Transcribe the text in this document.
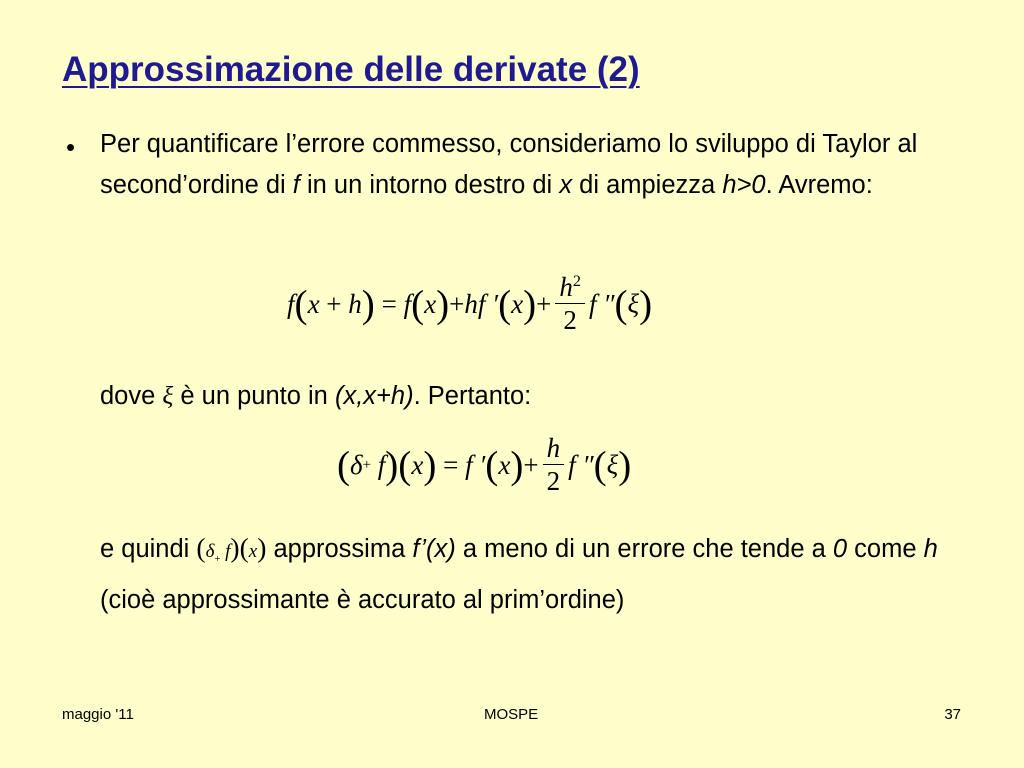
Approssimazione delle derivate (2)
• Per quantificare l’errore commesso, consideriamo lo sviluppo di Taylor al second’ordine di f in un intorno destro di x di ampiezza h>0. Avremo:
f ( x
+
h )
=
f ( x ) + hf ′ ( x ) + $\frac{h^2}{2}$ f ″ ( ξ )
dove ξ è un punto in (x,x+h). Pertanto:
( δ +
f ) ( x )
=
f ′ ( x ) + $\frac{h}{2}$ f ″ ( ξ )
e quindi ($\delta_+$ f)(x) approssima f’(x) a meno di un errore che tende a 0 come h (cioè approssimante è accurato al prim’ordine)
maggio '11	MOSPE	37
